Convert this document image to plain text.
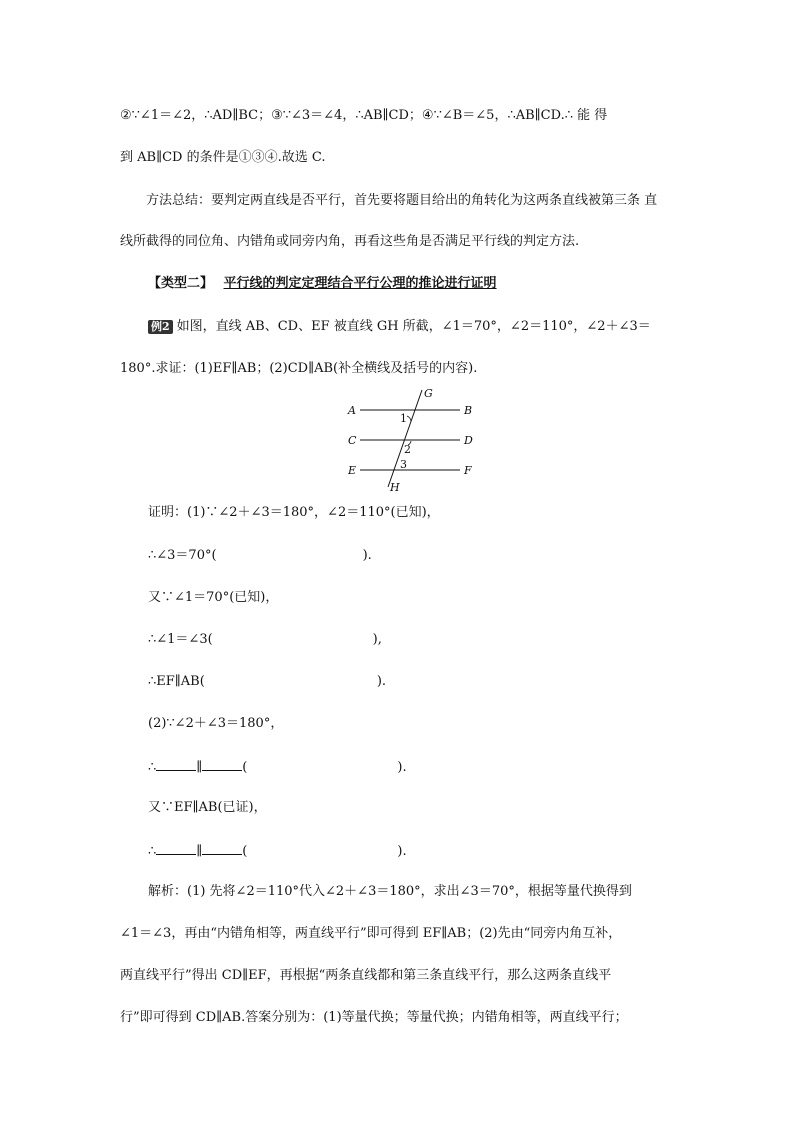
②∵∠1＝∠2，∴AD∥BC；③∵∠3＝∠4，∴AB∥CD；④∵∠B＝∠5，∴AB∥CD.∴ 能 得
到 AB∥CD 的条件是①③④.故选 C.
方法总结：要判定两直线是否平行，首先要将题目给出的角转化为这两条直线被第三条 直
线所截得的同位角、内错角或同旁内角，再看这些角是否满足平行线的判定方法.
【类型二】 平行线的判定定理结合平行公理的推论进行证明
例2 如图，直线 AB、CD、EF 被直线 GH 所截，∠1＝70°，∠2＝110°，∠2＋∠3＝
180°.求证：(1)EF∥AB；(2)CD∥AB(补全横线及括号的内容).
A	B
C	D
E	F
G
H
1
2
3
证明：(1)∵∠2＋∠3＝180°，∠2＝110°(已知)，
∴∠3＝70°(	).
又∵∠1＝70°(已知)，
∴∠1＝∠3(	),
∴EF∥AB(	).
(2)∵∠2＋∠3＝180°，
∴	∥	(	).
又∵EF∥AB(已证)，
∴	∥	(	).
解析：(1) 先将∠2＝110°代入∠2＋∠3＝180°，求出∠3＝70°，根据等量代换得到
∠1＝∠3，再由“内错角相等，两直线平行”即可得到 EF∥AB；(2)先由“同旁内角互补，
两直线平行”得出 CD∥EF，再根据“两条直线都和第三条直线平行，那么这两条直线平
行”即可得到 CD∥AB.答案分别为：(1)等量代换；等量代换；内错角相等，两直线平行；
